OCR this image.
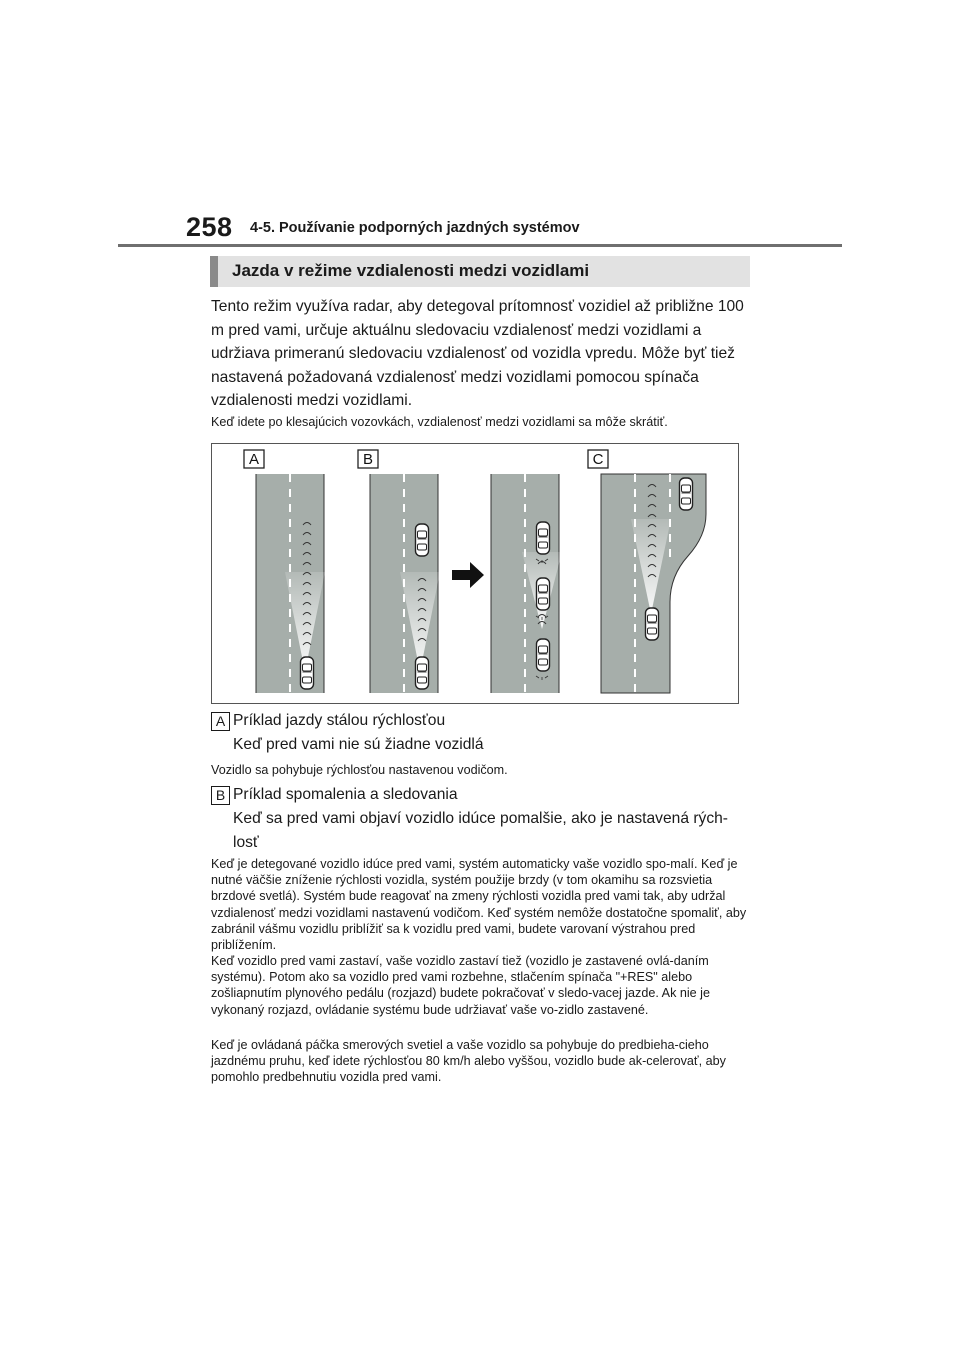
258 4-5. Používanie podporných jazdných systémov
Jazda v režime vzdialenosti medzi vozidlami

Tento režim využíva radar, aby detegoval prítomnosť vozidiel až približne 100 m pred vami, určuje aktuálnu sledovaciu vzdialenosť medzi vozidlami a udržiava primeranú sledovaciu vzdialenosť od vozidla vpredu. Môže byť tiež nastavená požadovaná vzdialenosť medzi vozidlami pomocou spínača vzdialenosti medzi vozidlami.

Keď idete po klesajúcich vozovkách, vzdialenosť medzi vozidlami sa môže skrátiť.

A	B	C
A Príklad jazdy stálou rýchlosťou

Keď pred vami nie sú žiadne vozidlá

Vozidlo sa pohybuje rýchlosťou nastavenou vodičom.

B Príklad spomalenia a sledovania

Keď sa pred vami objaví vozidlo idúce pomalšie, ako je nastavená rých-losť

Keď je detegované vozidlo idúce pred vami, systém automaticky vaše vozidlo spo-malí. Keď je nutné väčšie zníženie rýchlosti vozidla, systém použije brzdy (v tom okamihu sa rozsvietia brzdové svetlá). Systém bude reagovať na zmeny rýchlosti vozidla pred vami tak, aby udržal vzdialenosť medzi vozidlami nastavenú vodičom. Keď systém nemôže dostatočne spomaliť, aby zabránil vášmu vozidlu priblížiť sa k vozidlu pred vami, budete varovaní výstrahou pred priblížením.

Keď vozidlo pred vami zastaví, vaše vozidlo zastaví tiež (vozidlo je zastavené ovlá-daním systému). Potom ako sa vozidlo pred vami rozbehne, stlačením spínača "+RES" alebo zošliapnutím plynového pedálu (rozjazd) budete pokračovať v sledo-vacej jazde. Ak nie je vykonaný rozjazd, ovládanie systému bude udržiavať vaše vo-zidlo zastavené.

Keď je ovládaná páčka smerových svetiel a vaše vozidlo sa pohybuje do predbieha-cieho jazdnému pruhu, keď idete rýchlosťou 80 km/h alebo vyššou, vozidlo bude ak-celerovať, aby pomohlo predbehnutiu vozidla pred vami.
